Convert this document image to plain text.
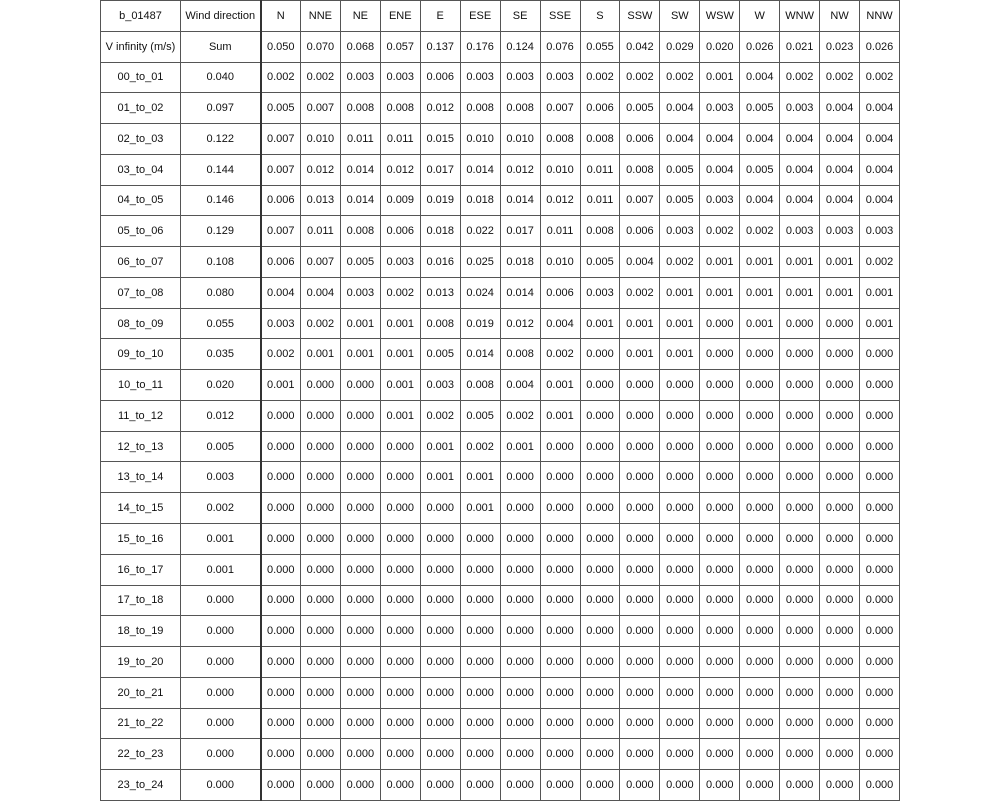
b_01487	Wind direction	N	NNE	NE	ENE	E	ESE	SE	SSE	S	SSW	SW	WSW	W	WNW	NW	NNW
V infinity (m/s)	Sum	0.050	0.070	0.068	0.057	0.137	0.176	0.124	0.076	0.055	0.042	0.029	0.020	0.026	0.021	0.023	0.026
00_to_01	0.040	0.002	0.002	0.003	0.003	0.006	0.003	0.003	0.003	0.002	0.002	0.002	0.001	0.004	0.002	0.002	0.002
01_to_02	0.097	0.005	0.007	0.008	0.008	0.012	0.008	0.008	0.007	0.006	0.005	0.004	0.003	0.005	0.003	0.004	0.004
02_to_03	0.122	0.007	0.010	0.011	0.011	0.015	0.010	0.010	0.008	0.008	0.006	0.004	0.004	0.004	0.004	0.004	0.004
03_to_04	0.144	0.007	0.012	0.014	0.012	0.017	0.014	0.012	0.010	0.011	0.008	0.005	0.004	0.005	0.004	0.004	0.004
04_to_05	0.146	0.006	0.013	0.014	0.009	0.019	0.018	0.014	0.012	0.011	0.007	0.005	0.003	0.004	0.004	0.004	0.004
05_to_06	0.129	0.007	0.011	0.008	0.006	0.018	0.022	0.017	0.011	0.008	0.006	0.003	0.002	0.002	0.003	0.003	0.003
06_to_07	0.108	0.006	0.007	0.005	0.003	0.016	0.025	0.018	0.010	0.005	0.004	0.002	0.001	0.001	0.001	0.001	0.002
07_to_08	0.080	0.004	0.004	0.003	0.002	0.013	0.024	0.014	0.006	0.003	0.002	0.001	0.001	0.001	0.001	0.001	0.001
08_to_09	0.055	0.003	0.002	0.001	0.001	0.008	0.019	0.012	0.004	0.001	0.001	0.001	0.000	0.001	0.000	0.000	0.001
09_to_10	0.035	0.002	0.001	0.001	0.001	0.005	0.014	0.008	0.002	0.000	0.001	0.001	0.000	0.000	0.000	0.000	0.000
10_to_11	0.020	0.001	0.000	0.000	0.001	0.003	0.008	0.004	0.001	0.000	0.000	0.000	0.000	0.000	0.000	0.000	0.000
11_to_12	0.012	0.000	0.000	0.000	0.001	0.002	0.005	0.002	0.001	0.000	0.000	0.000	0.000	0.000	0.000	0.000	0.000
12_to_13	0.005	0.000	0.000	0.000	0.000	0.001	0.002	0.001	0.000	0.000	0.000	0.000	0.000	0.000	0.000	0.000	0.000
13_to_14	0.003	0.000	0.000	0.000	0.000	0.001	0.001	0.000	0.000	0.000	0.000	0.000	0.000	0.000	0.000	0.000	0.000
14_to_15	0.002	0.000	0.000	0.000	0.000	0.000	0.001	0.000	0.000	0.000	0.000	0.000	0.000	0.000	0.000	0.000	0.000
15_to_16	0.001	0.000	0.000	0.000	0.000	0.000	0.000	0.000	0.000	0.000	0.000	0.000	0.000	0.000	0.000	0.000	0.000
16_to_17	0.001	0.000	0.000	0.000	0.000	0.000	0.000	0.000	0.000	0.000	0.000	0.000	0.000	0.000	0.000	0.000	0.000
17_to_18	0.000	0.000	0.000	0.000	0.000	0.000	0.000	0.000	0.000	0.000	0.000	0.000	0.000	0.000	0.000	0.000	0.000
18_to_19	0.000	0.000	0.000	0.000	0.000	0.000	0.000	0.000	0.000	0.000	0.000	0.000	0.000	0.000	0.000	0.000	0.000
19_to_20	0.000	0.000	0.000	0.000	0.000	0.000	0.000	0.000	0.000	0.000	0.000	0.000	0.000	0.000	0.000	0.000	0.000
20_to_21	0.000	0.000	0.000	0.000	0.000	0.000	0.000	0.000	0.000	0.000	0.000	0.000	0.000	0.000	0.000	0.000	0.000
21_to_22	0.000	0.000	0.000	0.000	0.000	0.000	0.000	0.000	0.000	0.000	0.000	0.000	0.000	0.000	0.000	0.000	0.000
22_to_23	0.000	0.000	0.000	0.000	0.000	0.000	0.000	0.000	0.000	0.000	0.000	0.000	0.000	0.000	0.000	0.000	0.000
23_to_24	0.000	0.000	0.000	0.000	0.000	0.000	0.000	0.000	0.000	0.000	0.000	0.000	0.000	0.000	0.000	0.000	0.000
